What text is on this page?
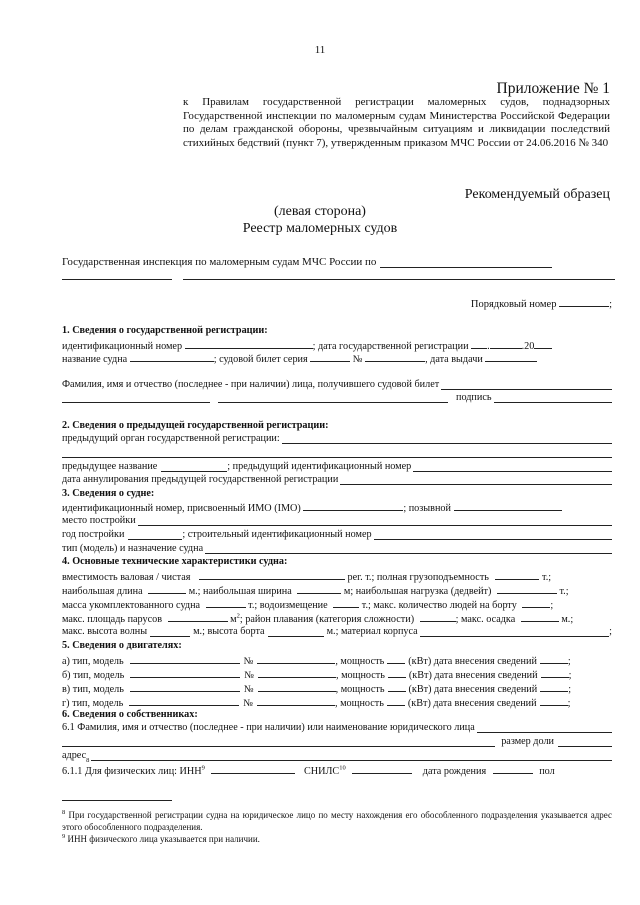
11
Приложение № 1
к Правилам государственной регистрации маломерных судов, поднадзорных Государственной инспекции по маломерным судам Министерства Российской Федерации по делам гражданской обороны, чрезвычайным ситуациям и ликвидации последствий стихийных бедствий (пункт 7), утвержденным приказом МЧС России от 24.06.2016 № 340
Рекомендуемый образец
(левая сторона)
Реестр маломерных судов
Государственная инспекция по маломерным судам МЧС России по

Порядковый номер	;
1. Сведения о государственной регистрации:
идентификационный номер	; дата государственной регистрации .	.20
название судна	; судовой билет серия	№	, дата выдачи
Фамилия, имя и отчество (последнее - при наличии) лица, получившего судовой билет
подпись
2. Сведения о предыдущей государственной регистрации:
предыдущий орган государственной регистрации:
предыдущее название	; предыдущий идентификационный номер
дата аннулирования предыдущей государственной регистрации
3. Сведения о судне:
идентификационный номер, присвоенный ИМО (IMO)	; позывной
место постройки
год постройки	; строительный идентификационный номер
тип (модель) и назначение судна
4. Основные технические характеристики судна:
вместимость валовая / чистая	рег. т.; полная грузоподъемность	т.;
наибольшая длина	м.; наибольшая ширина	м; наибольшая нагрузка (дедвейт)	т.;
масса укомплектованного судна	т.; водоизмещение	т.; макс. количество людей на борту	;
макс. площадь парусов	$м^2$; район плавания (категория сложности)	; макс. осадка	м.;
макс. высота волны	м.; высота борта	м.; материал корпуса	;
5. Сведения о двигателях:
а) тип, модель	№	, мощность (кВт) дата внесения сведений	;
б) тип, модель	№	, мощность (кВт) дата внесения сведений	;
в) тип, модель	№	, мощность (кВт) дата внесения сведений	;
г) тип, модель	№	, мощность (кВт) дата внесения сведений	;
6. Сведения о собственниках:
6.1 Фамилия, имя и отчество (последнее - при наличии) или наименование юридического лица
размер доли
адрес 8
6.1.1 Для физических лиц: ИНН$^9$	СНИЛС$^{10}$	дата рождения	пол
$^8$ При государственной регистрации судна на юридическое лицо по месту нахождения его обособленного подразделения указывается адрес этого обособленного подразделения.
$^9$ ИНН физического лица указывается при наличии.
